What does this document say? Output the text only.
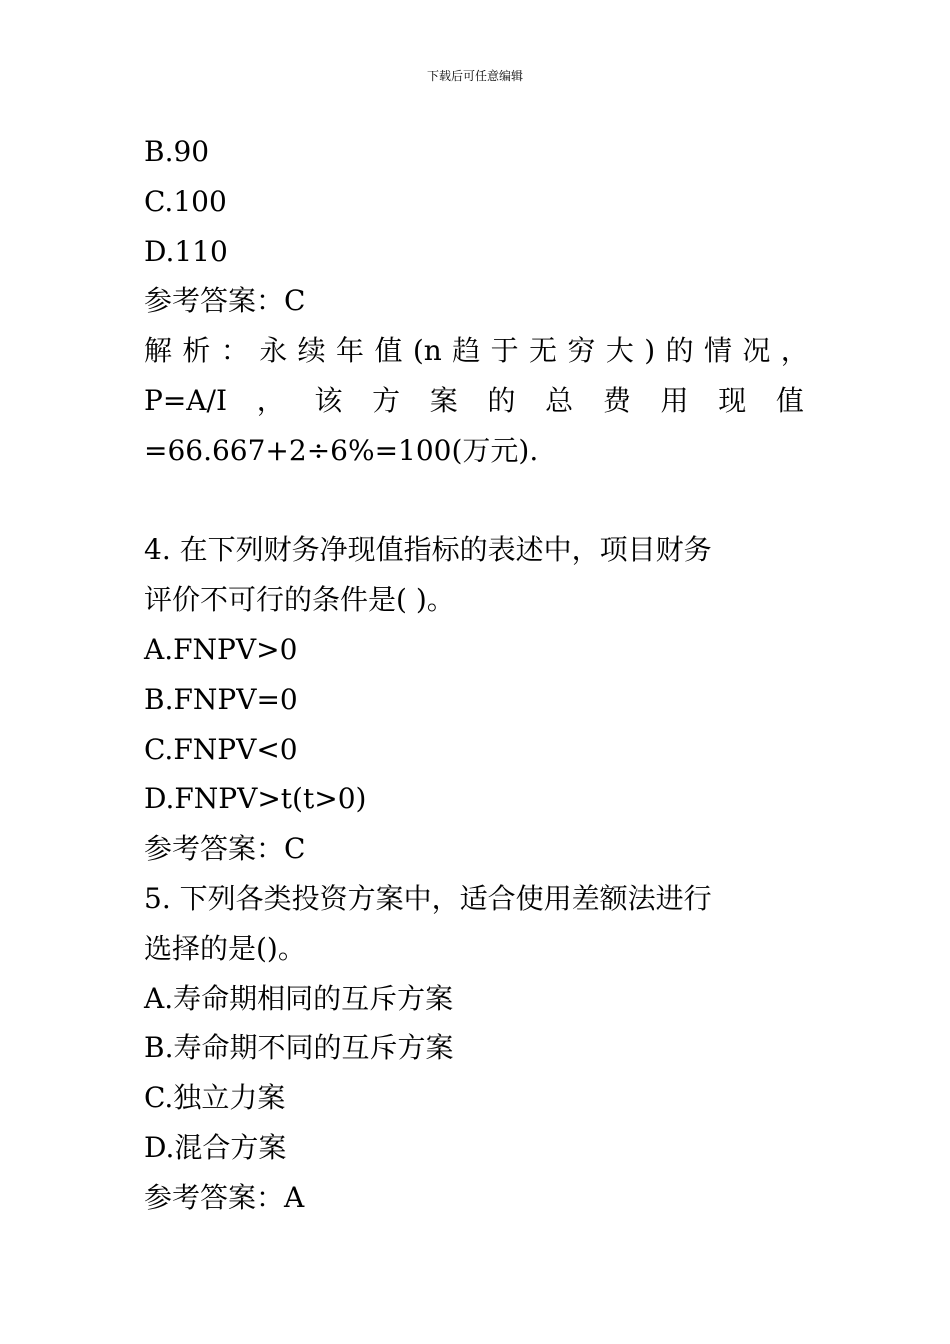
下载后可任意编辑
B.90
C.100
D.110
参考答案：C
解 析 ： 永 续 年 值 (n 趋 于 无 穷 大 ) 的 情 况 ，
P=A/I ， 该 方 案 的 总 费 用 现 值
=66.667+2÷6%=100(万元).
4. 在下列财务净现值指标的表述中，项目财务
评价不可行的条件是( )。
A.FNPV>0
B.FNPV=0
C.FNPV<0
D.FNPV>t(t>0)
参考答案：C
5. 下列各类投资方案中，适合使用差额法进行
选择的是()。
A.寿命期相同的互斥方案
B.寿命期不同的互斥方案
C.独立力案
D.混合方案
参考答案：A
